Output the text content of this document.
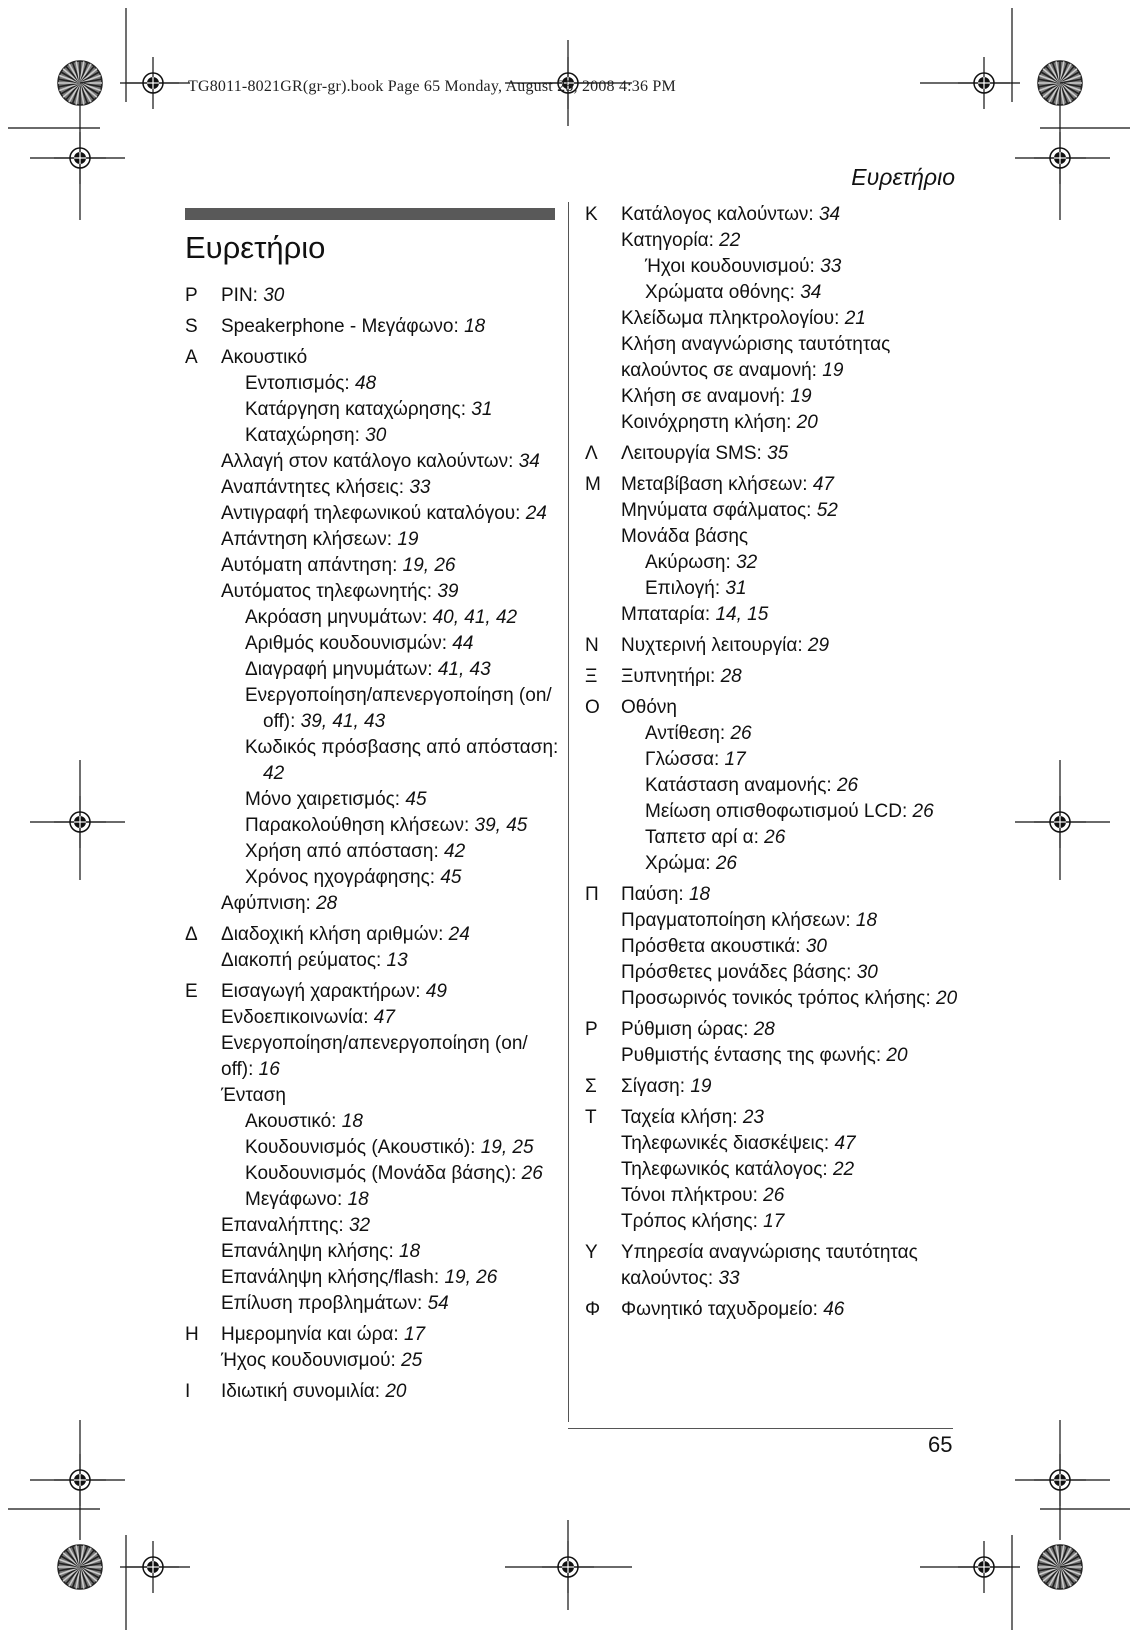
TG8011-8021GR(gr-gr).book Page 65 Monday, August 25, 2008 4:36 PM
Ευρετήριο
Ευρετήριο
65
P	PIN: 30
S	Speakerphone - Μεγάφωνο: 18
A	Ακουστικό
Εντοπισμός: 48
Κατάργηση καταχώρησης: 31
Καταχώρηση: 30
Αλλαγή στον κατάλογο καλούντων: 34
Αναπάντητες κλήσεις: 33
Αντιγραφή τηλεφωνικού καταλόγου: 24
Απάντηση κλήσεων: 19
Αυτόματη απάντηση: 19, 26
Αυτόματος τηλεφωνητής: 39
Ακρόαση μηνυμάτων: 40, 41, 42
Αριθμός κουδουνισμών: 44
Διαγραφή μηνυμάτων: 41, 43
Ενεργοποίηση/απενεργοποίηση (on/
off): 39, 41, 43
Κωδικός πρόσβασης από απόσταση:
42
Μόνο χαιρετισμός: 45
Παρακολούθηση κλήσεων: 39, 45
Χρήση από απόσταση: 42
Χρόνος ηχογράφησης: 45
Αφύπνιση: 28
Δ	Διαδοχική κλήση αριθμών: 24
Διακοπή ρεύματος: 13
E	Εισαγωγή χαρακτήρων: 49
Ενδοεπικοινωνία: 47
Ενεργοποίηση/απενεργοποίηση (on/
off): 16
Ένταση
Ακουστικό: 18
Κουδουνισμός (Ακουστικό): 19, 25
Κουδουνισμός (Μονάδα βάσης): 26
Μεγάφωνο: 18
Επαναλήπτης: 32
Επανάληψη κλήσης: 18
Επανάληψη κλήσης/flash: 19, 26
Επίλυση προβλημάτων: 54
H	Ημερομηνία και ώρα: 17
Ήχος κουδουνισμού: 25
I	Ιδιωτική συνομιλία: 20
K	Κατάλογος καλούντων: 34
Κατηγορία: 22
Ήχοι κουδουνισμού: 33
Χρώματα οθόνης: 34
Κλείδωμα πληκτρολογίου: 21
Κλήση αναγνώρισης ταυτότητας
καλούντος σε αναμονή: 19
Κλήση σε αναμονή: 19
Κοινόχρηστη κλήση: 20
Λ	Λειτουργία SMS: 35
M	Μεταβίβαση κλήσεων: 47
Μηνύματα σφάλματος: 52
Μονάδα βάσης
Ακύρωση: 32
Επιλογή: 31
Μπαταρία: 14, 15
N	Νυχτερινή λειτουργία: 29
Ξ	Ξυπνητήρι: 28
O	Οθόνη
Αντίθεση: 26
Γλώσσα: 17
Κατάσταση αναμονής: 26
Μείωση οπισθοφωτισμού LCD: 26
Ταπετσ αρί α: 26
Χρώμα: 26
Π	Παύση: 18
Πραγματοποίηση κλήσεων: 18
Πρόσθετα ακουστικά: 30
Πρόσθετες μονάδες βάσης: 30
Προσωρινός τονικός τρόπος κλήσης: 20
P	Ρύθμιση ώρας: 28
Ρυθμιστής έντασης της φωνής: 20
Σ	Σίγαση: 19
T	Ταχεία κλήση: 23
Τηλεφωνικές διασκέψεις: 47
Τηλεφωνικός κατάλογος: 22
Τόνοι πλήκτρου: 26
Τρόπος κλήσης: 17
Y	Υπηρεσία αναγνώρισης ταυτότητας
καλούντος: 33
Φ	Φωνητικό ταχυδρομείο: 46
